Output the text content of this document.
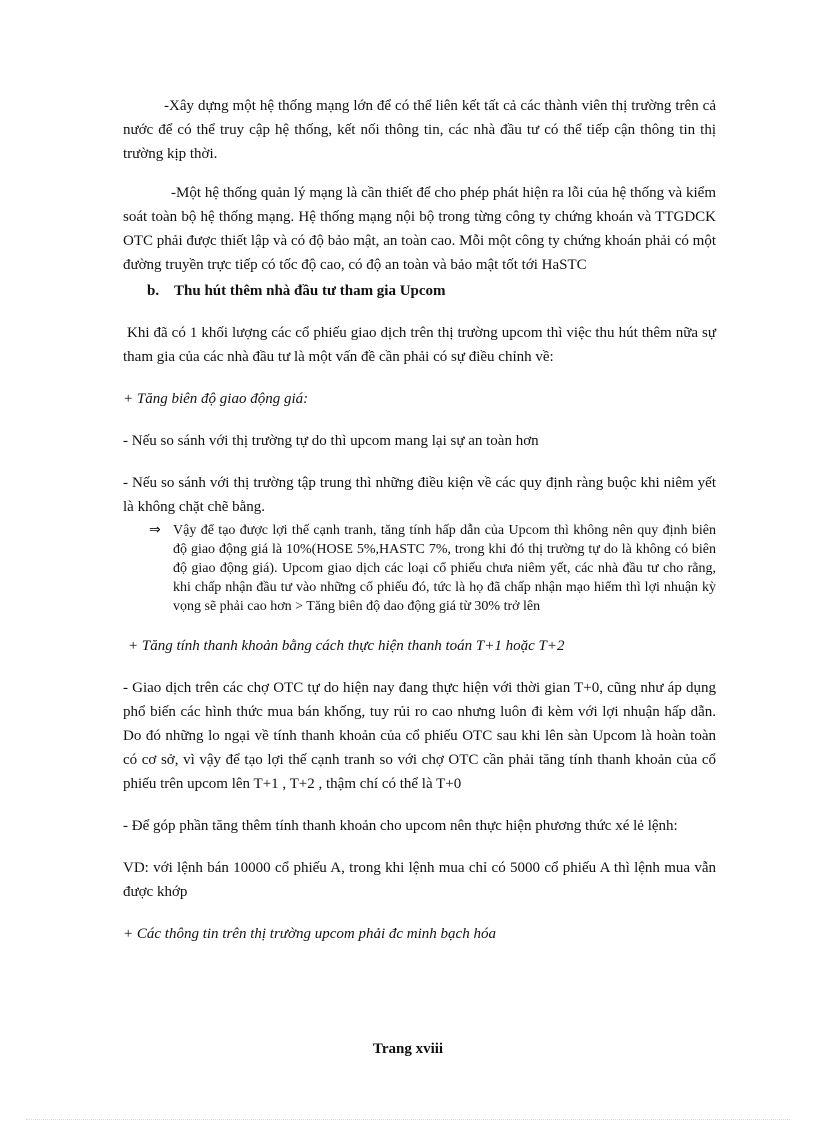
-Xây dựng một hệ thống mạng lớn để có thể liên kết tất cả các thành viên thị trường trên cả nước để có thể truy cập hệ thống, kết nối thông tin, các nhà đầu tư có thể tiếp cận thông tin thị trường kịp thời.

-Một hệ thống quản lý mạng là cần thiết để cho phép phát hiện ra lỗi của hệ thống và kiểm soát toàn bộ hệ thống mạng. Hệ thống mạng nội bộ trong từng công ty chứng khoán và TTGDCK OTC phải được thiết lập và có độ bảo mật, an toàn cao. Mỗi một công ty chứng khoán phải có một đường truyền trực tiếp có tốc độ cao, có độ an toàn và bảo mật tốt tới HaSTC

b. Thu hút thêm nhà đầu tư tham gia Upcom

Khi đã có 1 khối lượng các cổ phiếu giao dịch trên thị trường upcom thì việc thu hút thêm nữa sự tham gia của các nhà đầu tư là một vấn đề cần phải có sự điều chỉnh về:

+ Tăng biên độ giao động giá:

- Nếu so sánh với thị trường tự do thì upcom mang lại sự an toàn hơn

- Nếu so sánh với thị trường tập trung thì những điều kiện về các quy định ràng buộc khi niêm yết là không chặt chẽ bằng.

⇒ Vậy để tạo được lợi thế cạnh tranh, tăng tính hấp dẫn của Upcom thì không nên quy định biên độ giao động giá là 10%(HOSE 5%,HASTC 7%, trong khi đó thị trường tự do là không có biên độ giao động giá). Upcom giao dịch các loại cổ phiếu chưa niêm yết, các nhà đầu tư cho rằng, khi chấp nhận đầu tư vào những cổ phiếu đó, tức là họ đã chấp nhận mạo hiểm thì lợi nhuận kỳ vọng sẽ phải cao hơn > Tăng biên độ dao động giá từ 30% trở lên

+ Tăng tính thanh khoản bằng cách thực hiện thanh toán T+1 hoặc T+2

- Giao dịch trên các chợ OTC tự do hiện nay đang thực hiện với thời gian T+0, cũng như áp dụng phổ biến các hình thức mua bán khống, tuy rủi ro cao nhưng luôn đi kèm với lợi nhuận hấp dẫn. Do đó những lo ngại về tính thanh khoản của cổ phiếu OTC sau khi lên sàn Upcom là hoàn toàn có cơ sở, vì vậy để tạo lợi thế cạnh tranh so với chợ OTC cần phải tăng tính thanh khoản của cổ phiếu trên upcom lên T+1 , T+2 , thậm chí có thể là T+0

- Để góp phần tăng thêm tính thanh khoản cho upcom nên thực hiện phương thức xé lẻ lệnh:

VD: với lệnh bán 10000 cổ phiếu A, trong khi lệnh mua chỉ có 5000 cổ phiếu A thì lệnh mua vẫn được khớp

+ Các thông tin trên thị trường upcom phải đc minh bạch hóa

Trang xviii
